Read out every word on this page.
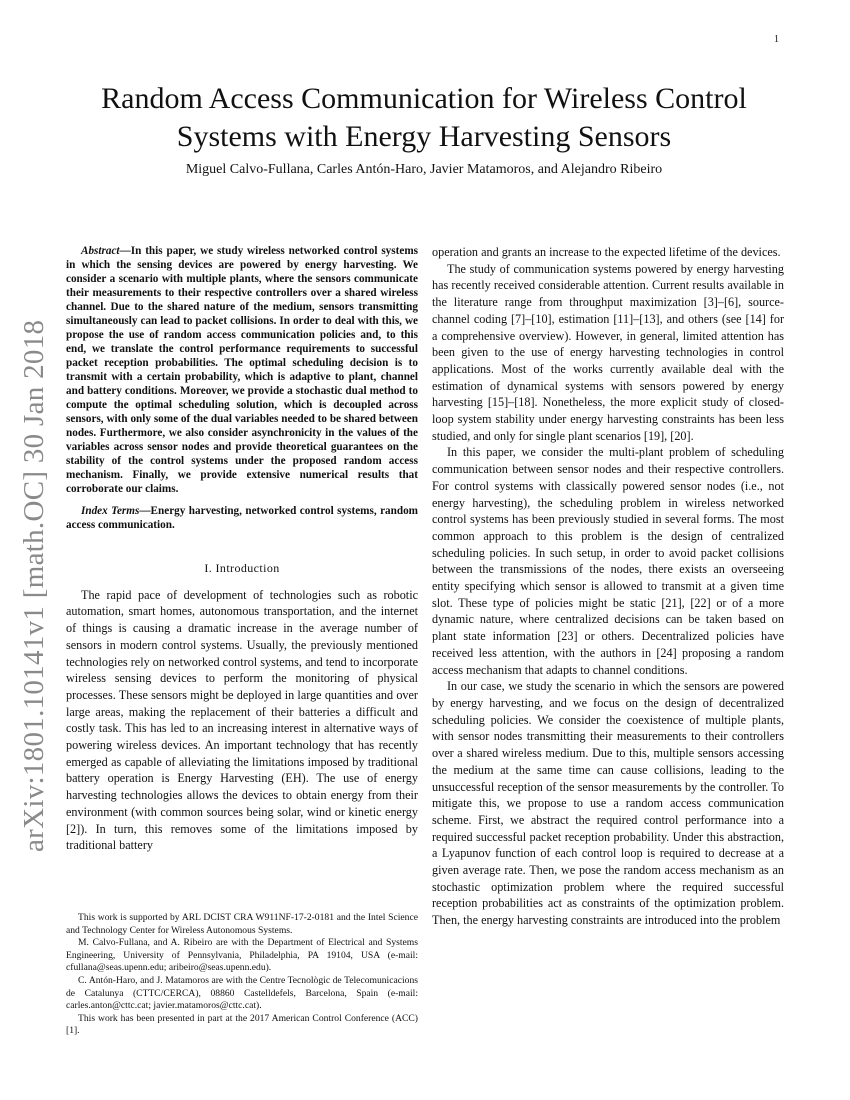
1
arXiv:1801.10141v1 [math.OC] 30 Jan 2018
Random Access Communication for Wireless Control Systems with Energy Harvesting Sensors
Miguel Calvo-Fullana, Carles Antón-Haro, Javier Matamoros, and Alejandro Ribeiro

Abstract—In this paper, we study wireless networked control systems in which the sensing devices are powered by energy harvesting. We consider a scenario with multiple plants, where the sensors communicate their measurements to their respective controllers over a shared wireless channel. Due to the shared nature of the medium, sensors transmitting simultaneously can lead to packet collisions. In order to deal with this, we propose the use of random access communication policies and, to this end, we translate the control performance requirements to successful packet reception probabilities. The optimal scheduling decision is to transmit with a certain probability, which is adaptive to plant, channel and battery conditions. Moreover, we provide a stochastic dual method to compute the optimal scheduling solution, which is decoupled across sensors, with only some of the dual variables needed to be shared between nodes. Furthermore, we also consider asynchronicity in the values of the variables across sensor nodes and provide theoretical guarantees on the stability of the control systems under the proposed random access mechanism. Finally, we provide extensive numerical results that corroborate our claims.

Index Terms—Energy harvesting, networked control systems, random access communication.

I. Introduction

The rapid pace of development of technologies such as robotic automation, smart homes, autonomous transportation, and the internet of things is causing a dramatic increase in the average number of sensors in modern control systems. Usually, the previously mentioned technologies rely on networked control systems, and tend to incorporate wireless sensing devices to perform the monitoring of physical processes. These sensors might be deployed in large quantities and over large areas, making the replacement of their batteries a difficult and costly task. This has led to an increasing interest in alternative ways of powering wireless devices. An important technology that has recently emerged as capable of alleviating the limitations imposed by traditional battery operation is Energy Harvesting (EH). The use of energy harvesting technologies allows the devices to obtain energy from their environment (with common sources being solar, wind or kinetic energy [2]). In turn, this removes some of the limitations imposed by traditional battery

This work is supported by ARL DCIST CRA W911NF-17-2-0181 and the Intel Science and Technology Center for Wireless Autonomous Systems.

M. Calvo-Fullana, and A. Ribeiro are with the Department of Electrical and Systems Engineering, University of Pennsylvania, Philadelphia, PA 19104, USA (e-mail: cfullana@seas.upenn.edu; aribeiro@seas.upenn.edu).

C. Antón-Haro, and J. Matamoros are with the Centre Tecnològic de Telecomunicacions de Catalunya (CTTC/CERCA), 08860 Castelldefels, Barcelona, Spain (e-mail: carles.anton@cttc.cat; javier.matamoros@cttc.cat).

This work has been presented in part at the 2017 American Control Conference (ACC) [1].

operation and grants an increase to the expected lifetime of the devices.

The study of communication systems powered by energy harvesting has recently received considerable attention. Current results available in the literature range from throughput maximization [3]–[6], source-channel coding [7]–[10], estimation [11]–[13], and others (see [14] for a comprehensive overview). However, in general, limited attention has been given to the use of energy harvesting technologies in control applications. Most of the works currently available deal with the estimation of dynamical systems with sensors powered by energy harvesting [15]–[18]. Nonetheless, the more explicit study of closed-loop system stability under energy harvesting constraints has been less studied, and only for single plant scenarios [19], [20].

In this paper, we consider the multi-plant problem of scheduling communication between sensor nodes and their respective controllers. For control systems with classically powered sensor nodes (i.e., not energy harvesting), the scheduling problem in wireless networked control systems has been previously studied in several forms. The most common approach to this problem is the design of centralized scheduling policies. In such setup, in order to avoid packet collisions between the transmissions of the nodes, there exists an overseeing entity specifying which sensor is allowed to transmit at a given time slot. These type of policies might be static [21], [22] or of a more dynamic nature, where centralized decisions can be taken based on plant state information [23] or others. Decentralized policies have received less attention, with the authors in [24] proposing a random access mechanism that adapts to channel conditions.

In our case, we study the scenario in which the sensors are powered by energy harvesting, and we focus on the design of decentralized scheduling policies. We consider the coexistence of multiple plants, with sensor nodes transmitting their measurements to their controllers over a shared wireless medium. Due to this, multiple sensors accessing the medium at the same time can cause collisions, leading to the unsuccessful reception of the sensor measurements by the controller. To mitigate this, we propose to use a random access communication scheme. First, we abstract the required control performance into a required successful packet reception probability. Under this abstraction, a Lyapunov function of each control loop is required to decrease at a given average rate. Then, we pose the random access mechanism as an stochastic optimization problem where the required successful reception probabilities act as constraints of the optimization problem. Then, the energy harvesting constraints are introduced into the problem
